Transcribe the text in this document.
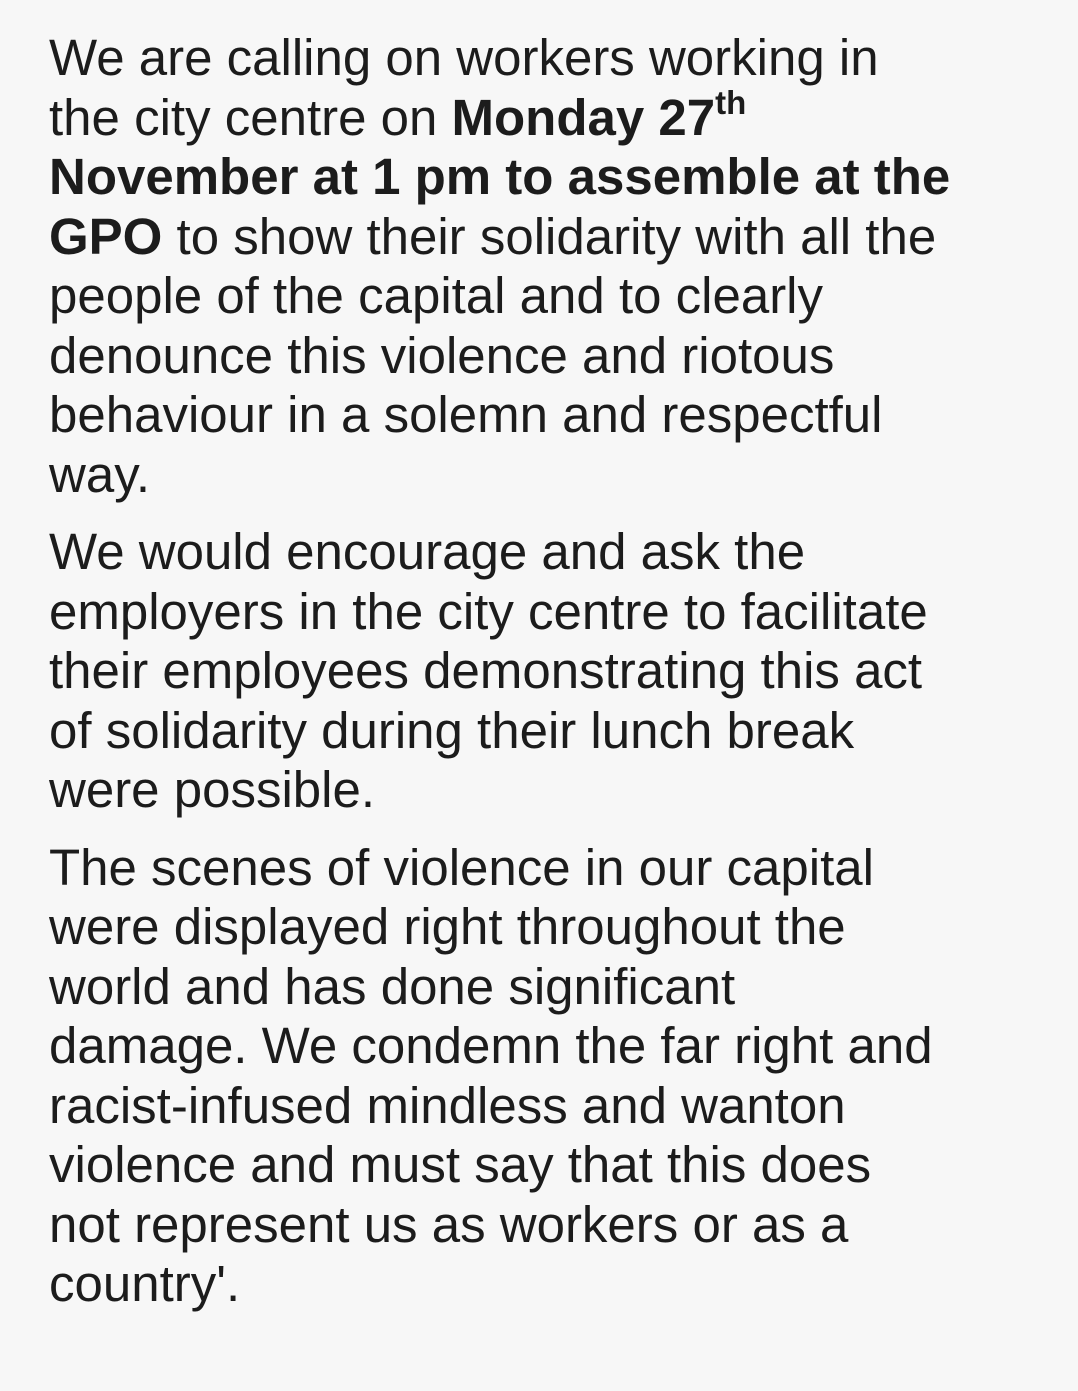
We are calling on workers working in
the city centre on Monday 27th
November at 1 pm to assemble at the
GPO to show their solidarity with all the
people of the capital and to clearly
denounce this violence and riotous
behaviour in a solemn and respectful
way.

We would encourage and ask the
employers in the city centre to facilitate
their employees demonstrating this act
of solidarity during their lunch break
were possible.

The scenes of violence in our capital
were displayed right throughout the
world and has done significant
damage. We condemn the far right and
racist-infused mindless and wanton
violence and must say that this does
not represent us as workers or as a
country'.
